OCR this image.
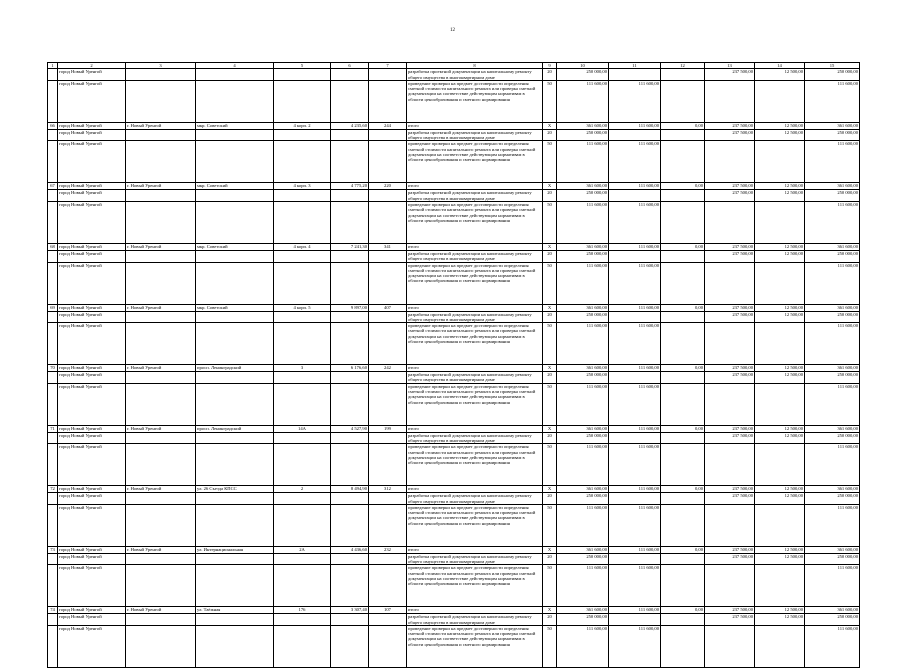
12
1	2	3	4	5	6	7	8	9	10	11	12	13	14	15
	город Новый Уренгой						разработка проектной документации на капитальному ремонту общего имущества в многоквартирном доме	20	250 000,00			237 500,00	12 500,00	250 000,00
	город Новый Уренгой						проведение проверки на предмет достоверности определения сметной стоимости капитального ремонта или проверка сметной документации на соответствие действующим нормативам в области ценообразования и сметного нормирования	50	111 600,00	111 600,00				111 600,00
66	город Новый Уренгой	г. Новый Уренгой	мкр. Советский	4 корп. 2	4 235,60	244	итого	X	361 600,00	111 600,00	0,00	237 500,00	12 500,00	361 600,00
	город Новый Уренгой						разработка проектной документации на капитальному ремонту общего имущества в многоквартирном доме	20	250 000,00			237 500,00	12 500,00	250 000,00
	город Новый Уренгой						проведение проверки на предмет достоверности определения сметной стоимости капитального ремонта или проверка сметной документации на соответствие действующим нормативам в области ценообразования и сметного нормирования	50	111 600,00	111 600,00				111 600,00
67	город Новый Уренгой	г. Новый Уренгой	мкр. Советский	4 корп. 3	4 775,20	220	итого	X	361 600,00	111 600,00	0,00	237 500,00	12 500,00	361 600,00
	город Новый Уренгой						разработка проектной документации на капитальному ремонту общего имущества в многоквартирном доме	20	250 000,00			237 500,00	12 500,00	250 000,00
	город Новый Уренгой						проведение проверки на предмет достоверности определения сметной стоимости капитального ремонта или проверка сметной документации на соответствие действующим нормативам в области ценообразования и сметного нормирования	50	111 600,00	111 600,00				111 600,00
68	город Новый Уренгой	г. Новый Уренгой	мкр. Советский	4 корп. 4	7 241,30	341	итого	X	361 600,00	111 600,00	0,00	237 500,00	12 500,00	361 600,00
	город Новый Уренгой						разработка проектной документации на капитальному ремонту общего имущества в многоквартирном доме	20	250 000,00			237 500,00	12 500,00	250 000,00
	город Новый Уренгой						проведение проверки на предмет достоверности определения сметной стоимости капитального ремонта или проверка сметной документации на соответствие действующим нормативам в области ценообразования и сметного нормирования	50	111 600,00	111 600,00				111 600,00
69	город Новый Уренгой	г. Новый Уренгой	мкр. Советский	4 корп. 5	9 897,00	407	итого	X	361 600,00	111 600,00	0,00	237 500,00	12 500,00	361 600,00
	город Новый Уренгой						разработка проектной документации на капитальному ремонту общего имущества в многоквартирном доме	20	250 000,00			237 500,00	12 500,00	250 000,00
	город Новый Уренгой						проведение проверки на предмет достоверности определения сметной стоимости капитального ремонта или проверка сметной документации на соответствие действующим нормативам в области ценообразования и сметного нормирования	50	111 600,00	111 600,00				111 600,00
70	город Новый Уренгой	г. Новый Уренгой	просп. Ленинградский	3	6 176,60	242	итого	X	361 600,00	111 600,00	0,00	237 500,00	12 500,00	361 600,00
	город Новый Уренгой						разработка проектной документации на капитальному ремонту общего имущества в многоквартирном доме	20	250 000,00			237 500,00	12 500,00	250 000,00
	город Новый Уренгой						проведение проверки на предмет достоверности определения сметной стоимости капитального ремонта или проверка сметной документации на соответствие действующим нормативам в области ценообразования и сметного нормирования	50	111 600,00	111 600,00				111 600,00
71	город Новый Уренгой	г. Новый Уренгой	просп. Ленинградский	14А	4 527,90	199	итого	X	361 600,00	111 600,00	0,00	237 500,00	12 500,00	361 600,00
	город Новый Уренгой						разработка проектной документации на капитальному ремонту общего имущества в многоквартирном доме	20	250 000,00			237 500,00	12 500,00	250 000,00
	город Новый Уренгой						проведение проверки на предмет достоверности определения сметной стоимости капитального ремонта или проверка сметной документации на соответствие действующим нормативам в области ценообразования и сметного нормирования	50	111 600,00	111 600,00				111 600,00
72	город Новый Уренгой	г. Новый Уренгой	ул. 26 Съезда КПСС	2	8 494,90	312	итого	X	361 600,00	111 600,00	0,00	237 500,00	12 500,00	361 600,00
	город Новый Уренгой						разработка проектной документации на капитальному ремонту общего имущества в многоквартирном доме	20	250 000,00			237 500,00	12 500,00	250 000,00
	город Новый Уренгой						проведение проверки на предмет достоверности определения сметной стоимости капитального ремонта или проверка сметной документации на соответствие действующим нормативам в области ценообразования и сметного нормирования	50	111 600,00	111 600,00				111 600,00
73	город Новый Уренгой	г. Новый Уренгой	ул. Интернациональная	2А	4 436,60	232	итого	X	361 600,00	111 600,00	0,00	237 500,00	12 500,00	361 600,00
	город Новый Уренгой						разработка проектной документации на капитальному ремонту общего имущества в многоквартирном доме	20	250 000,00			237 500,00	12 500,00	250 000,00
	город Новый Уренгой						проведение проверки на предмет достоверности определения сметной стоимости капитального ремонта или проверка сметной документации на соответствие действующим нормативам в области ценообразования и сметного нормирования	50	111 600,00	111 600,00				111 600,00
74	город Новый Уренгой	г. Новый Уренгой	ул. Таёжная	176	3 307,40	107	итого	X	361 600,00	111 600,00	0,00	237 500,00	12 500,00	361 600,00
	город Новый Уренгой						разработка проектной документации на капитальному ремонту общего имущества в многоквартирном доме	20	250 000,00			237 500,00	12 500,00	250 000,00
	город Новый Уренгой						проведение проверки на предмет достоверности определения сметной стоимости капитального ремонта или проверка сметной документации на соответствие действующим нормативам в области ценообразования и сметного нормирования	50	111 600,00	111 600,00				111 600,00
